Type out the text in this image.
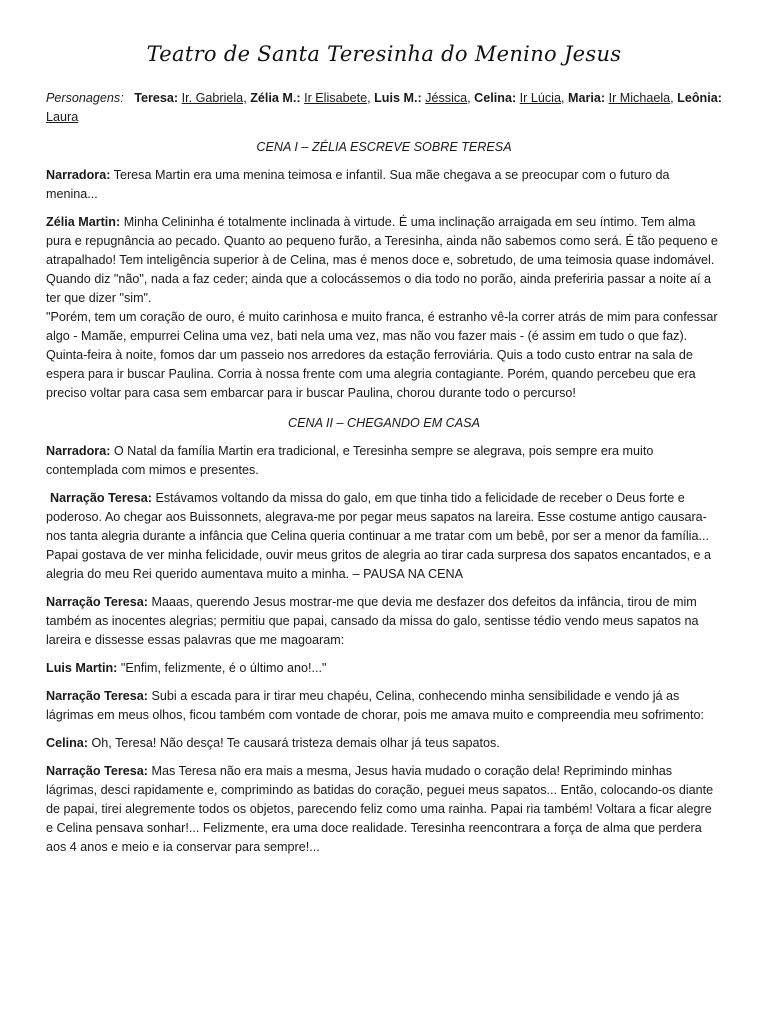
Teatro de Santa Teresinha do Menino Jesus
Personagens: Teresa: Ir. Gabriela, Zélia M.: Ir Elisabete, Luis M.: Jéssica, Celina: Ir Lúcia, Maria: Ir Michaela, Leônia: Laura
CENA I – ZÉLIA ESCREVE SOBRE TERESA

Narradora: Teresa Martin era uma menina teimosa e infantil. Sua mãe chegava a se preocupar com o futuro da menina...

Zélia Martin: Minha Celininha é totalmente inclinada à virtude. É uma inclinação arraigada em seu íntimo. Tem alma pura e repugnância ao pecado. Quanto ao pequeno furão, a Teresinha, ainda não sabemos como será. É tão pequeno e atrapalhado! Tem inteligência superior à de Celina, mas é menos doce e, sobretudo, de uma teimosia quase indomável. Quando diz "não", nada a faz ceder; ainda que a colocássemos o dia todo no porão, ainda preferiria passar a noite aí a ter que dizer "sim".

"Porém, tem um coração de ouro, é muito carinhosa e muito franca, é estranho vê-la correr atrás de mim para confessar algo - Mamãe, empurrei Celina uma vez, bati nela uma vez, mas não vou fazer mais - (é assim em tudo o que faz). Quinta-feira à noite, fomos dar um passeio nos arredores da estação ferroviária. Quis a todo custo entrar na sala de espera para ir buscar Paulina. Corria à nossa frente com uma alegria contagiante. Porém, quando percebeu que era preciso voltar para casa sem embarcar para ir buscar Paulina, chorou durante todo o percurso!

CENA II – CHEGANDO EM CASA

Narradora: O Natal da família Martin era tradicional, e Teresinha sempre se alegrava, pois sempre era muito contemplada com mimos e presentes.

Narração Teresa: Estávamos voltando da missa do galo, em que tinha tido a felicidade de receber o Deus forte e poderoso. Ao chegar aos Buissonnets, alegrava-me por pegar meus sapatos na lareira. Esse costume antigo causara-nos tanta alegria durante a infância que Celina queria continuar a me tratar com um bebê, por ser a menor da família... Papai gostava de ver minha felicidade, ouvir meus gritos de alegria ao tirar cada surpresa dos sapatos encantados, e a alegria do meu Rei querido aumentava muito a minha. – PAUSA NA CENA

Narração Teresa: Maaas, querendo Jesus mostrar-me que devia me desfazer dos defeitos da infância, tirou de mim também as inocentes alegrias; permitiu que papai, cansado da missa do galo, sentisse tédio vendo meus sapatos na lareira e dissesse essas palavras que me magoaram:

Luis Martin: "Enfim, felizmente, é o último ano!..."

Narração Teresa: Subi a escada para ir tirar meu chapéu, Celina, conhecendo minha sensibilidade e vendo já as lágrimas em meus olhos, ficou também com vontade de chorar, pois me amava muito e compreendia meu sofrimento:

Celina: Oh, Teresa! Não desça! Te causará tristeza demais olhar já teus sapatos.

Narração Teresa: Mas Teresa não era mais a mesma, Jesus havia mudado o coração dela! Reprimindo minhas lágrimas, desci rapidamente e, comprimindo as batidas do coração, peguei meus sapatos... Então, colocando-os diante de papai, tirei alegremente todos os objetos, parecendo feliz como uma rainha. Papai ria também! Voltara a ficar alegre e Celina pensava sonhar!... Felizmente, era uma doce realidade. Teresinha reencontrara a força de alma que perdera aos 4 anos e meio e ia conservar para sempre!...
